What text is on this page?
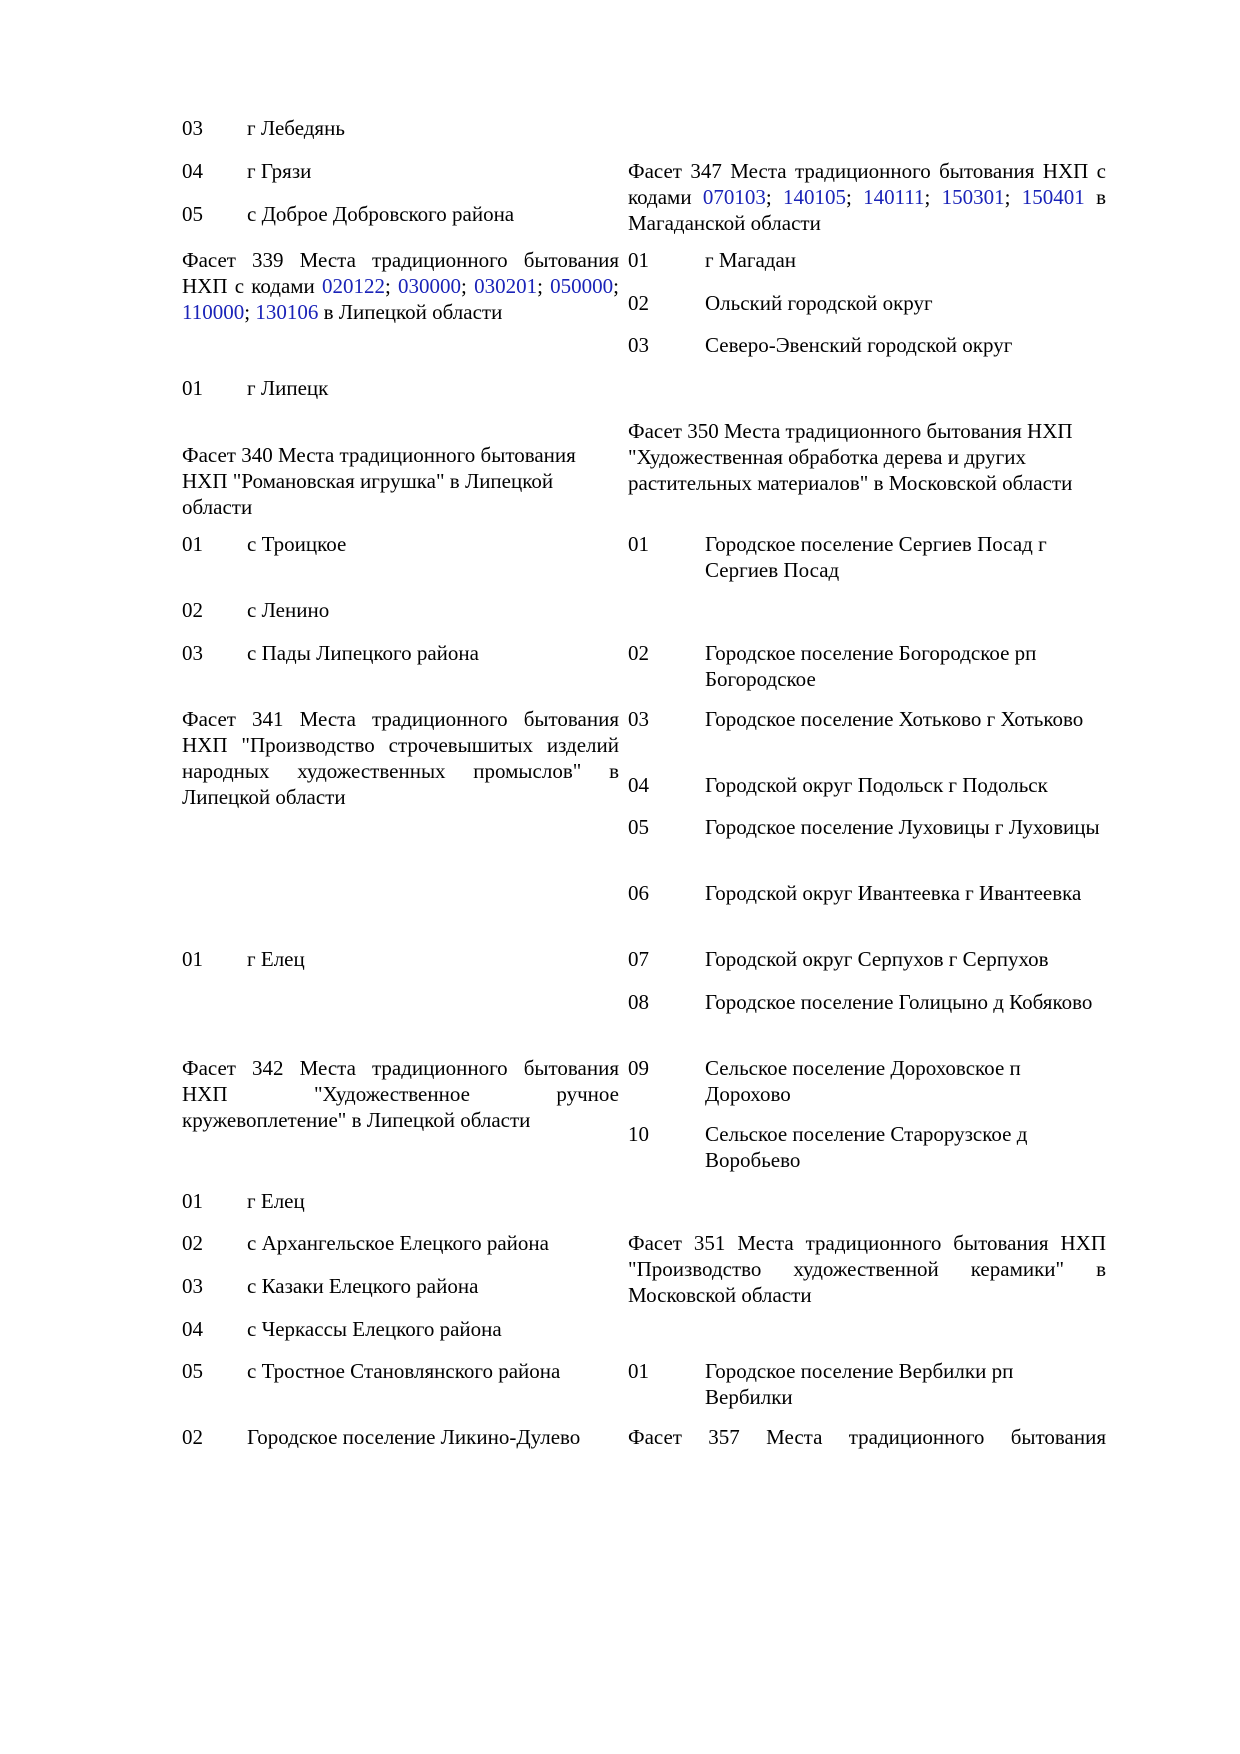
03	г Лебедянь
04	г Грязи
05	с Доброе Добровского района
Фасет 339 Места традиционного бытования НХП с кодами 020122; 030000; 030201; 050000; 110000; 130106 в Липецкой области
01	г Липецк
Фасет 340 Места традиционного бытования НХП "Романовская игрушка" в Липецкой области
01	с Троицкое
02	с Ленино
03	с Пады Липецкого района
Фасет 341 Места традиционного бытования НХП "Производство строчевышитых изделий народных художественных промыслов" в Липецкой области
01	г Елец
Фасет 342 Места традиционного бытования НХП "Художественное ручное кружевоплетение" в Липецкой области
01	г Елец
02	с Архангельское Елецкого района
03	с Казаки Елецкого района
04	с Черкассы Елецкого района
05	с Тростное Становлянского района
02	Городское поселение Ликино-Дулево
Фасет 347 Места традиционного бытования НХП с кодами 070103; 140105; 140111; 150301; 150401 в Магаданской области
01	г Магадан
02	Ольский городской округ
03	Северо-Эвенский городской округ
Фасет 350 Места традиционного бытования НХП "Художественная обработка дерева и других растительных материалов" в Московской области
01	Городское поселение Сергиев Посад г Сергиев Посад
02	Городское поселение Богородское рп Богородское
03	Городское поселение Хотьково г Хотьково
04	Городской округ Подольск г Подольск
05	Городское поселение Луховицы г Луховицы
06	Городской округ Ивантеевка г Ивантеевка
07	Городской округ Серпухов г Серпухов
08	Городское поселение Голицыно д Кобяково
09	Сельское поселение Дороховское п Дорохово
10	Сельское поселение Старорузское д Воробьево
Фасет 351 Места традиционного бытования НХП "Производство художественной керамики" в Московской области
01	Городское поселение Вербилки рп Вербилки
Фасет 357 Места традиционного бытования
